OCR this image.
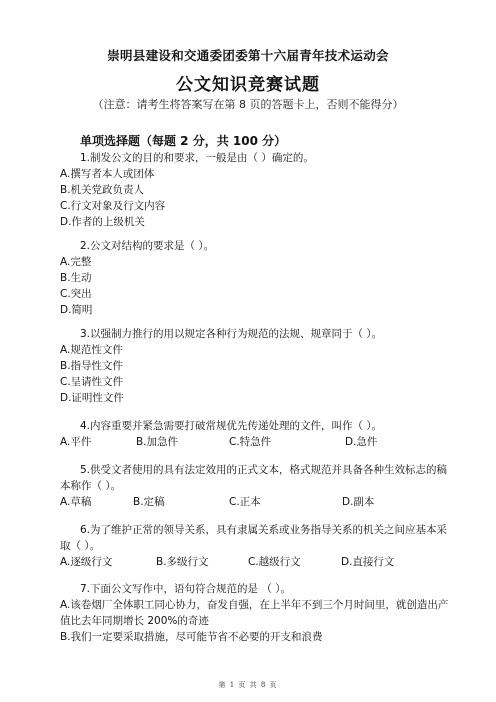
崇明县建设和交通委团委第十六届青年技术运动会
公文知识竞赛试题
（注意：请考生将答案写在第 8 页的答题卡上，否则不能得分）
单项选择题（每题 2 分，共 100 分）
1.制发公文的目的和要求，一般是由（ ）确定的。
A.撰写者本人或团体
B.机关党政负责人
C.行文对象及行文内容
D.作者的上级机关
2.公文对结构的要求是（ ）。
A.完整
B.生动
C.突出
D.简明
3.以强制力推行的用以规定各种行为规范的法规、规章同于（ ）。
A.规范性文件
B.指导性文件
C.呈请性文件
D.证明性文件
4.内容重要并紧急需要打破常规优先传递处理的文件，叫作（ ）。
A.平件	B.加急件	C.特急件	D.急件
5.供受文者使用的具有法定效用的正式文本，格式规范并具备各种生效标志的稿本称作（ ）。
A.草稿	B.定稿	C.正本	D.副本
6.为了维护正常的领导关系，具有隶属关系或业务指导关系的机关之间应基本采取（ ）。
A.逐级行文	B.多级行文	C.越级行文	D.直接行文
7.下面公文写作中，语句符合规范的是 （ ）。
A.该卷烟厂全体职工同心协力，奋发自强，在上半年不到三个月时间里，就创造出产值比去年同期增长 200%的奇迹
B.我们一定要采取措施，尽可能节省不必要的开支和浪费
第 1 页 共 8 页
